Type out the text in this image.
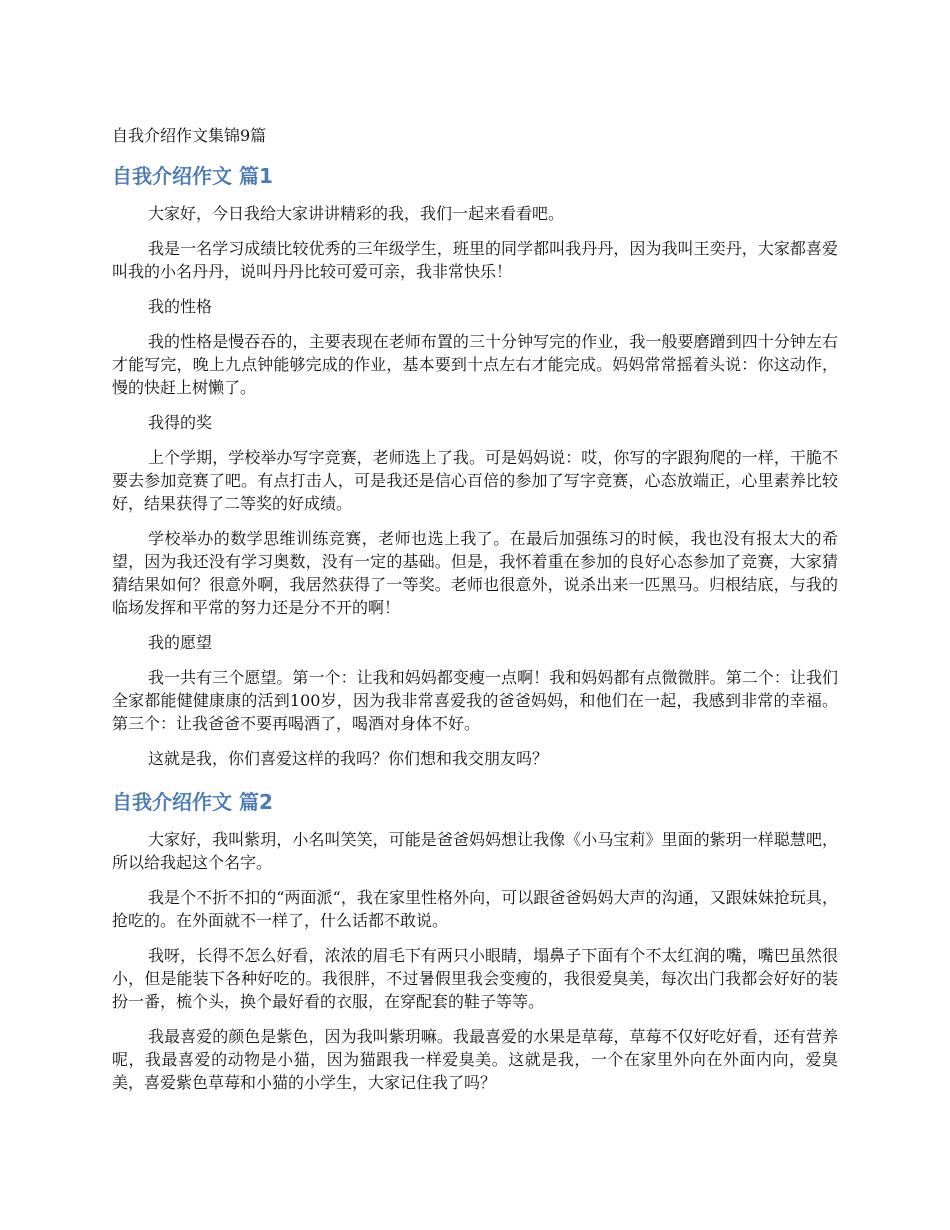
自我介绍作文集锦9篇
自我介绍作文 篇1

大家好，今日我给大家讲讲精彩的我，我们一起来看看吧。

我是一名学习成绩比较优秀的三年级学生，班里的同学都叫我丹丹，因为我叫王奕丹，大家都喜爱叫我的小名丹丹，说叫丹丹比较可爱可亲，我非常快乐！

我的性格

我的性格是慢吞吞的，主要表现在老师布置的三十分钟写完的作业，我一般要磨蹭到四十分钟左右才能写完，晚上九点钟能够完成的作业，基本要到十点左右才能完成。妈妈常常摇着头说：你这动作，慢的快赶上树懒了。

我得的奖

上个学期，学校举办写字竞赛，老师选上了我。可是妈妈说：哎，你写的字跟狗爬的一样，干脆不要去参加竞赛了吧。有点打击人，可是我还是信心百倍的参加了写字竞赛，心态放端正，心里素养比较好，结果获得了二等奖的好成绩。

学校举办的数学思维训练竞赛，老师也选上我了。在最后加强练习的时候，我也没有报太大的希望，因为我还没有学习奥数，没有一定的基础。但是，我怀着重在参加的良好心态参加了竞赛，大家猜猜结果如何？很意外啊，我居然获得了一等奖。老师也很意外，说杀出来一匹黑马。归根结底，与我的临场发挥和平常的努力还是分不开的啊！

我的愿望

我一共有三个愿望。第一个：让我和妈妈都变瘦一点啊！我和妈妈都有点微微胖。第二个：让我们全家都能健健康康的活到100岁，因为我非常喜爱我的爸爸妈妈，和他们在一起，我感到非常的幸福。第三个：让我爸爸不要再喝酒了，喝酒对身体不好。

这就是我，你们喜爱这样的我吗？你们想和我交朋友吗？

自我介绍作文 篇2

大家好，我叫紫玥，小名叫笑笑，可能是爸爸妈妈想让我像《小马宝莉》里面的紫玥一样聪慧吧，所以给我起这个名字。

我是个不折不扣的“两面派“，我在家里性格外向，可以跟爸爸妈妈大声的沟通，又跟妹妹抢玩具，抢吃的。在外面就不一样了，什么话都不敢说。

我呀，长得不怎么好看，浓浓的眉毛下有两只小眼睛，塌鼻子下面有个不太红润的嘴，嘴巴虽然很小，但是能装下各种好吃的。我很胖，不过暑假里我会变瘦的，我很爱臭美，每次出门我都会好好的装扮一番，梳个头，换个最好看的衣服，在穿配套的鞋子等等。

我最喜爱的颜色是紫色，因为我叫紫玥嘛。我最喜爱的水果是草莓，草莓不仅好吃好看，还有营养呢，我最喜爱的动物是小猫，因为猫跟我一样爱臭美。这就是我，一个在家里外向在外面内向，爱臭美，喜爱紫色草莓和小猫的小学生，大家记住我了吗？
